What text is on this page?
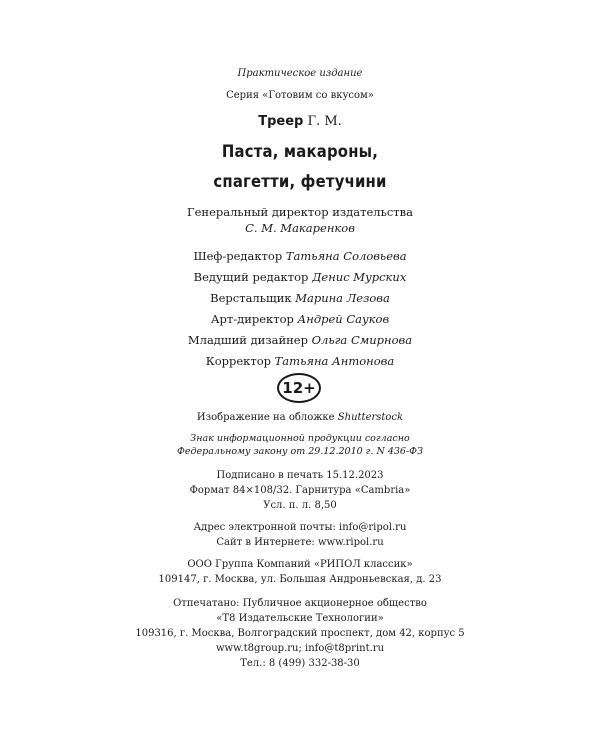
Практическое издание
Серия «Готовим со вкусом»
Треер Г. М.
Паста, макароны,
спагетти, фетучини
Генеральный директор издательства
С. М. Макаренков
Шеф-редактор Татьяна Соловьева
Ведущий редактор Денис Мурских
Верстальщик Марина Лезова
Арт-директор Андрей Сауков
Младший дизайнер Ольга Смирнова
Корректор Татьяна Антонова
12+
Изображение на обложке Shutterstock
Знак информационной продукции согласно
Федеральному закону от 29.12.2010 г. N 436-ФЗ
Подписано в печать 15.12.2023
Формат 84×108/32. Гарнитура «Cambria»
Усл. п. л. 8,50
Адрес электронной почты: info@ripol.ru
Сайт в Интернете: www.ripol.ru
ООО Группа Компаний «РИПОЛ классик»
109147, г. Москва, ул. Большая Андроньевская, д. 23
Отпечатано: Публичное акционерное общество
«Т8 Издательские Технологии»
109316, г. Москва, Волгоградский проспект, дом 42, корпус 5
www.t8group.ru; info@t8print.ru
Тел.: 8 (499) 332-38-30
